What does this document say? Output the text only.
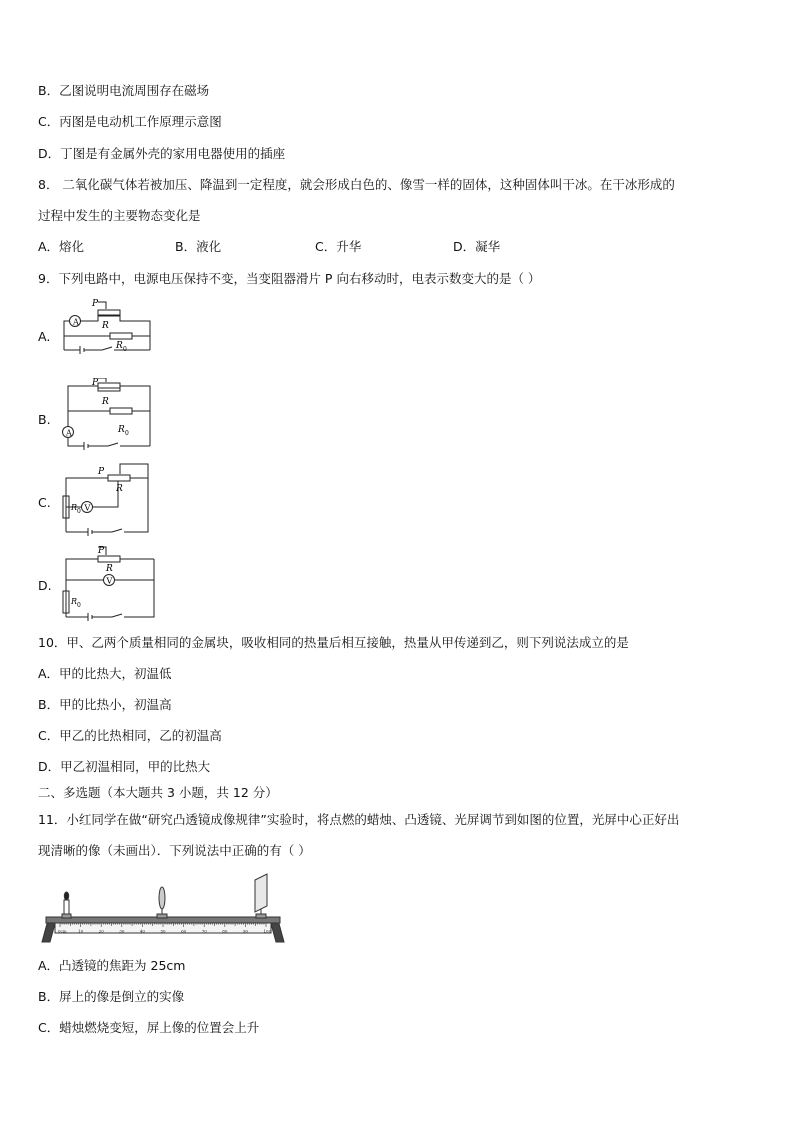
B．乙图说明电流周围存在磁场
C．丙图是电动机工作原理示意图
D．丁图是有金属外壳的家用电器使用的插座
8． 二氧化碳气体若被加压、降温到一定程度，就会形成白色的、像雪一样的固体，这种固体叫干冰。在干冰形成的
过程中发生的主要物态变化是
A．熔化	B．液化	C．升华	D．凝华
9．下列电路中，电源电压保持不变，当变阻器滑片 P 向右移动时，电表示数变大的是（ ）
A.
A
P
R
R 0
B.
A
P
R
R 0
C.	V
P
R
R 0
D.	V
P
R
R 0
10．甲、乙两个质量相同的金属块，吸收相同的热量后相互接触，热量从甲传递到乙，则下列说法成立的是
A．甲的比热大，初温低
B．甲的比热小，初温高
C．甲乙的比热相同，乙的初温高
D．甲乙初温相同，甲的比热大
二、多选题（本大题共 3 小题，共 12 分）
11．小红同学在做“研究凸透镜成像规律”实验时，将点燃的蜡烛、凸透镜、光屏调节到如图的位置，光屏中心正好出
现清晰的像（未画出）．下列说法中正确的有（ ）
0cm	10	20	30	40	50	60	70	80	90	100
A．凸透镜的焦距为 25cm
B．屏上的像是倒立的实像
C．蜡烛燃烧变短，屏上像的位置会上升
